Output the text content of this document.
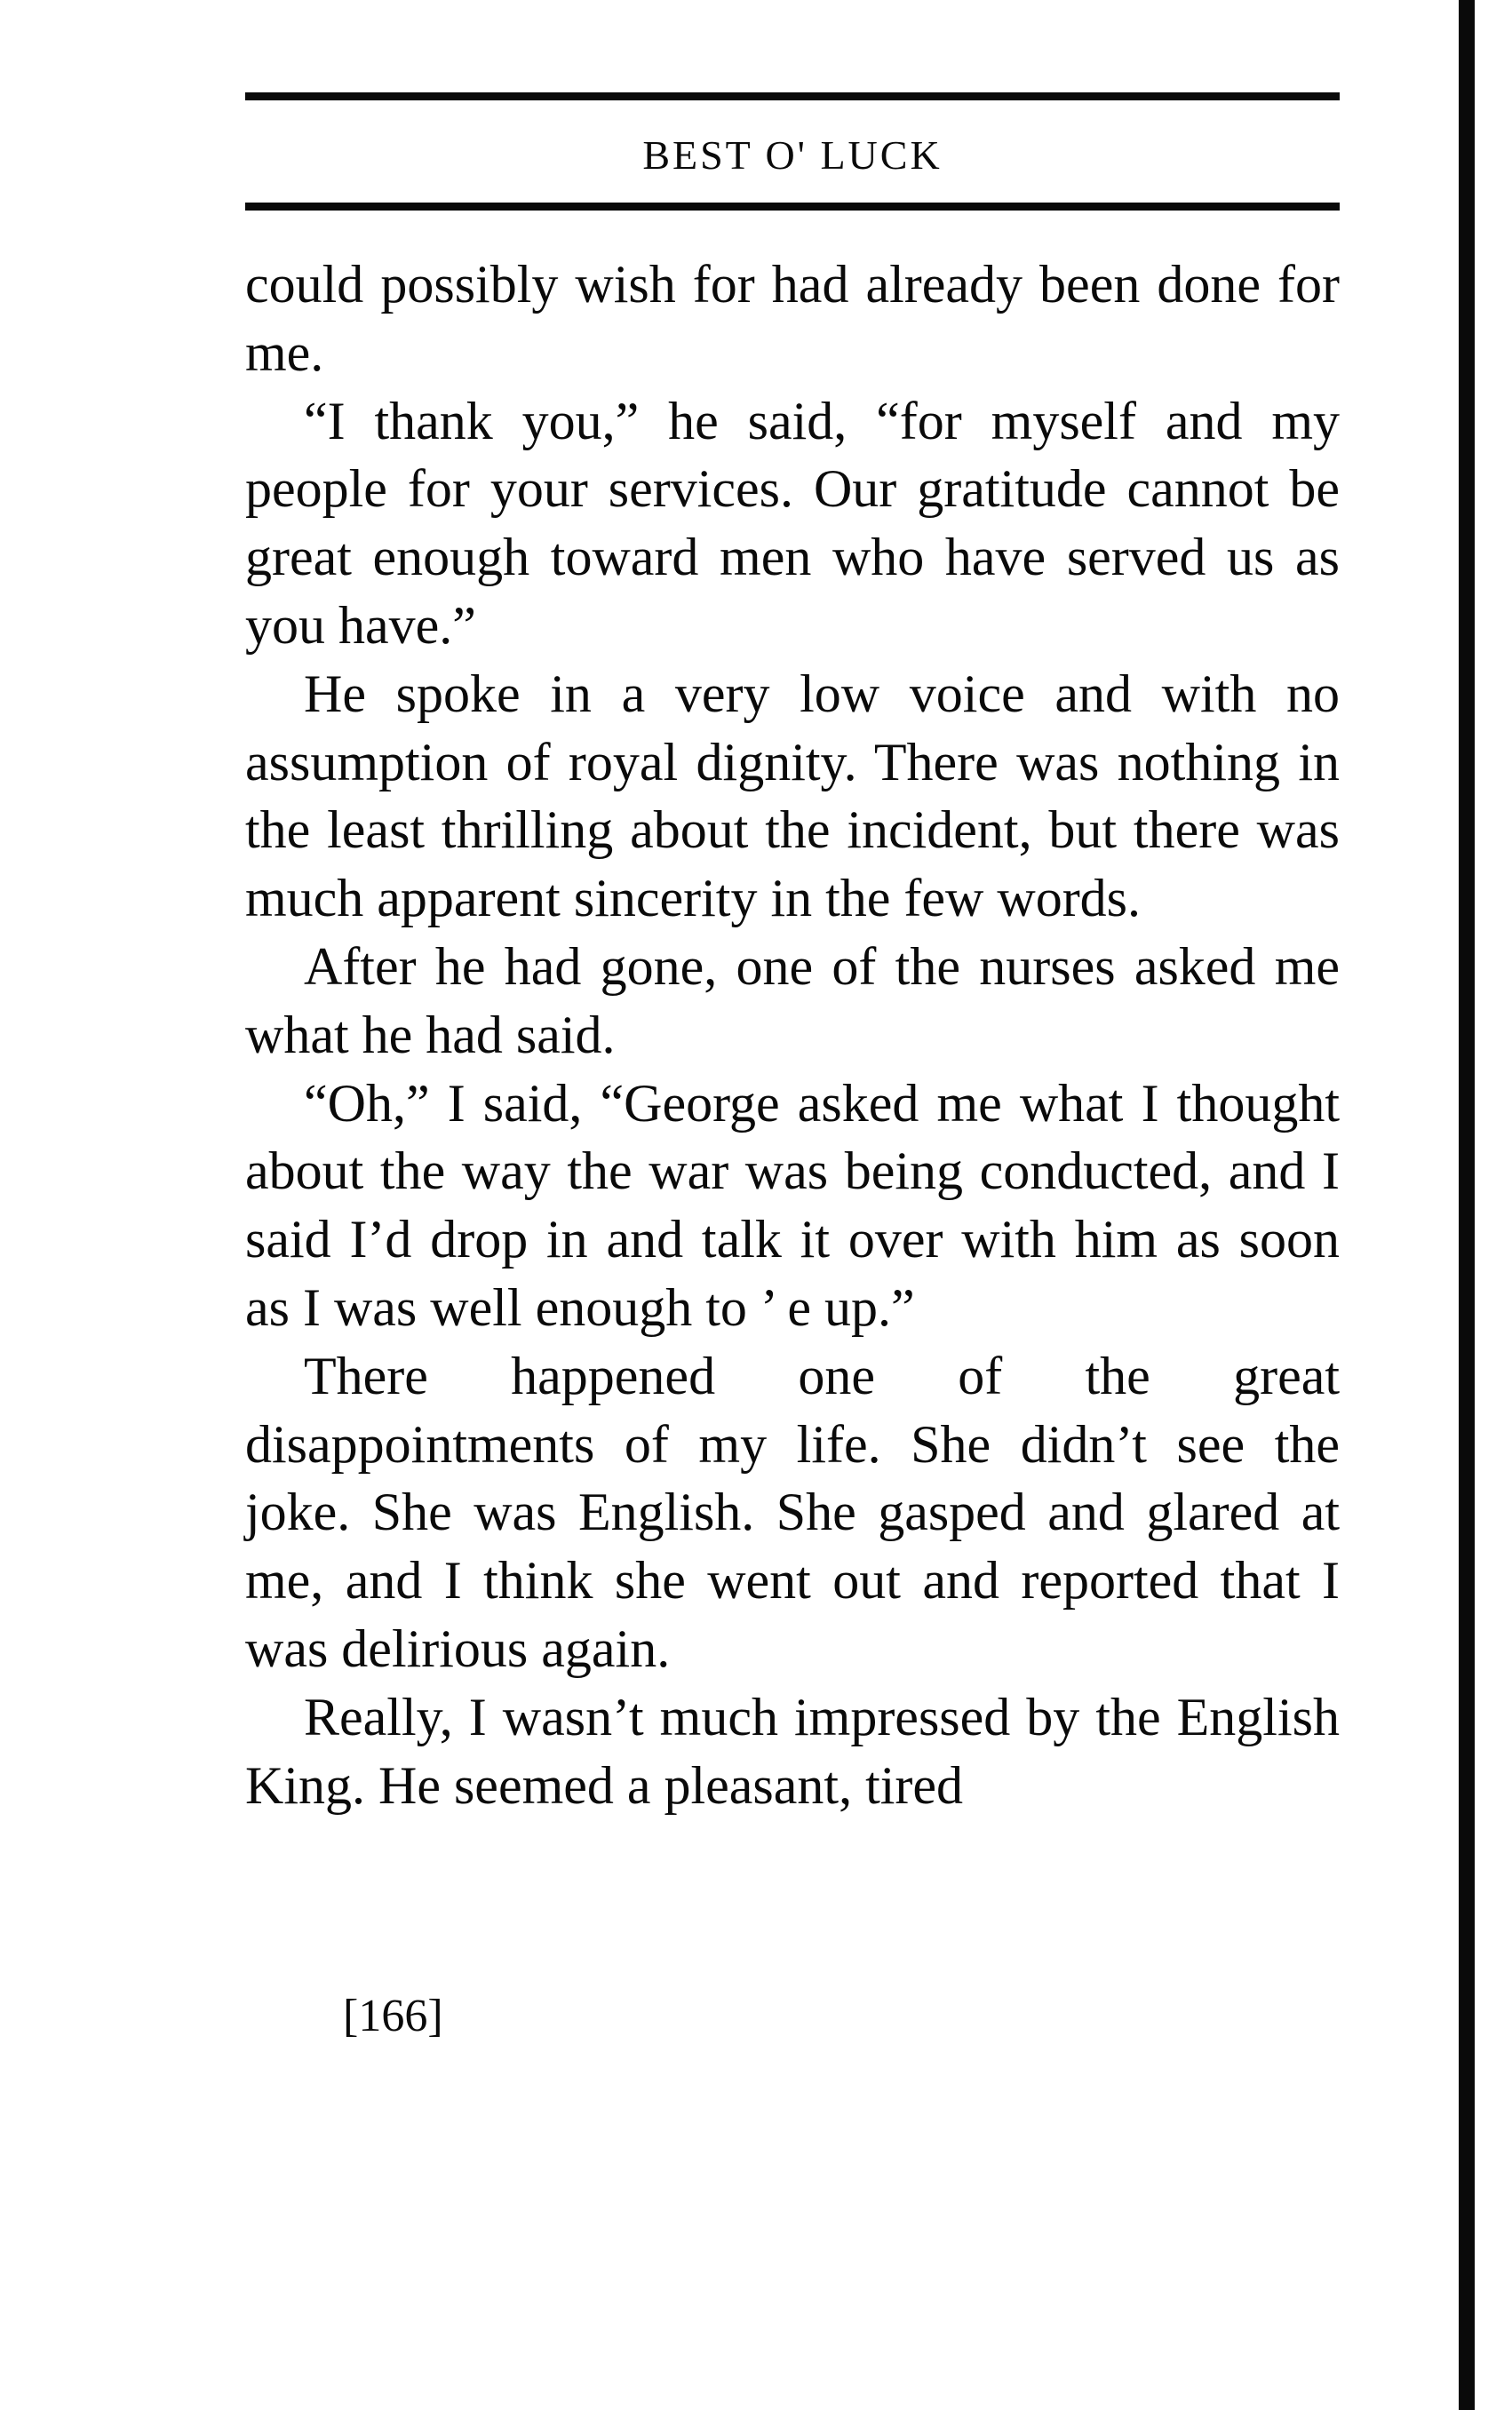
BEST O' LUCK

could possibly wish for had already been done for me.

“I thank you,” he said, “for myself and my people for your services. Our gratitude cannot be great enough toward men who have served us as you have.”

He spoke in a very low voice and with no assumption of royal dignity. There was nothing in the least thrilling about the incident, but there was much apparent sincerity in the few words.

After he had gone, one of the nurses asked me what he had said.

“Oh,” I said, “George asked me what I thought about the way the war was being conducted, and I said I’d drop in and talk it over with him as soon as I was well enough to ’ e up.”

There happened one of the great disappointments of my life. She didn’t see the joke. She was English. She gasped and glared at me, and I think she went out and reported that I was delirious again.

Really, I wasn’t much impressed by the English King. He seemed a pleasant, tired

[166]
